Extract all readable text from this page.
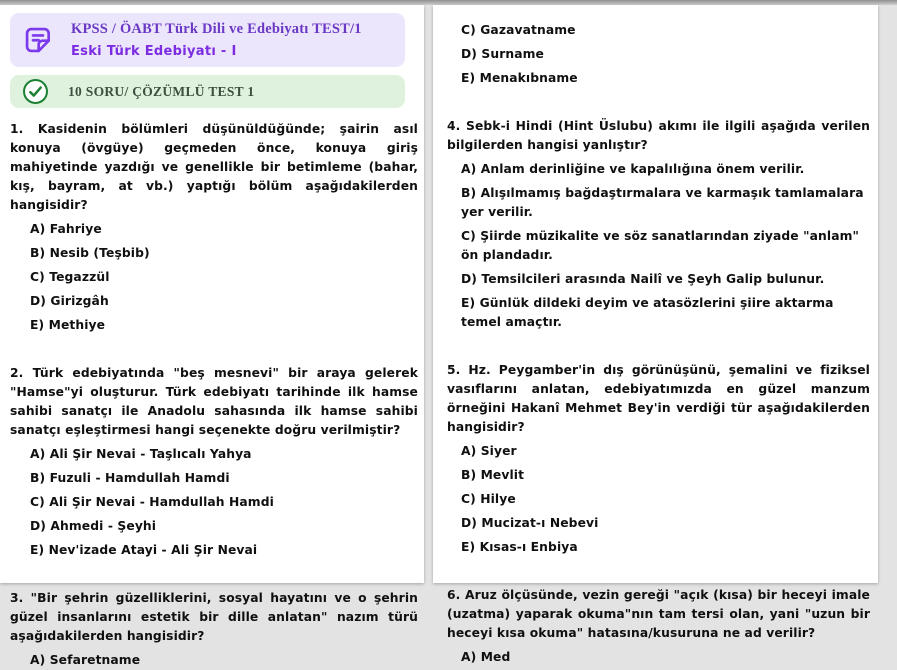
KPSS / ÖABT Türk Dili ve Edebiyatı TEST/1
Eski Türk Edebiyatı - I
10 SORU/ ÇÖZÜMLÜ TEST 1

1. Kasidenin bölümleri düşünüldüğünde; şairin asıl konuya (övgüye) geçmeden önce, konuya giriş mahiyetinde yazdığı ve genellikle bir betimleme (bahar, kış, bayram, at vb.) yaptığı bölüm aşağıdakilerden hangisidir?

A) Fahriye
B) Nesib (Teşbib)
C) Tegazzül
D) Girizgâh
E) Methiye

2. Türk edebiyatında "beş mesnevi" bir araya gelerek "Hamse"yi oluşturur. Türk edebiyatı tarihinde ilk hamse sahibi sanatçı ile Anadolu sahasında ilk hamse sahibi sanatçı eşleştirmesi hangi seçenekte doğru verilmiştir?

A) Ali Şir Nevai - Taşlıcalı Yahya
B) Fuzuli - Hamdullah Hamdi
C) Ali Şir Nevai - Hamdullah Hamdi
D) Ahmedi - Şeyhi
E) Nev'izade Atayi - Ali Şir Nevai

3. "Bir şehrin güzelliklerini, sosyal hayatını ve o şehrin güzel insanlarını estetik bir dille anlatan" nazım türü aşağıdakilerden hangisidir?

A) Sefaretname
C) Gazavatname
D) Surname
E) Menakıbname

4. Sebk-i Hindi (Hint Üslubu) akımı ile ilgili aşağıda verilen bilgilerden hangisi yanlıştır?

A) Anlam derinliğine ve kapalılığına önem verilir.
B) Alışılmamış bağdaştırmalara ve karmaşık tamlamalara yer verilir.
C) Şiirde müzikalite ve söz sanatlarından ziyade "anlam" ön plandadır.
D) Temsilcileri arasında Nailî ve Şeyh Galip bulunur.
E) Günlük dildeki deyim ve atasözlerini şiire aktarma temel amaçtır.

5. Hz. Peygamber'in dış görünüşünü, şemalini ve fiziksel vasıflarını anlatan, edebiyatımızda en güzel manzum örneğini Hakanî Mehmet Bey'in verdiği tür aşağıdakilerden hangisidir?

A) Siyer
B) Mevlit
C) Hilye
D) Mucizat-ı Nebevi
E) Kısas-ı Enbiya

6. Aruz ölçüsünde, vezin gereği "açık (kısa) bir heceyi imale (uzatma) yaparak okuma"nın tam tersi olan, yani "uzun bir heceyi kısa okuma" hatasına/kusuruna ne ad verilir?

A) Med
